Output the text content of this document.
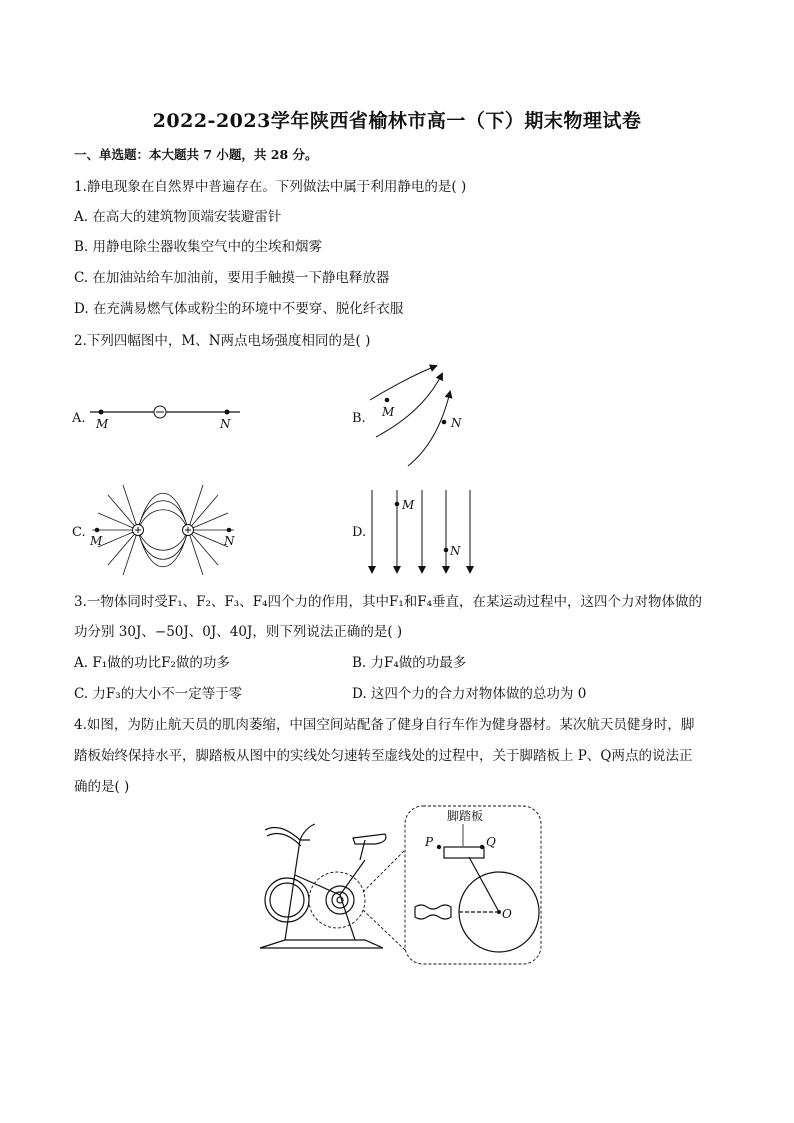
2022-2023学年陕西省榆林市高一（下）期末物理试卷
一、单选题：本大题共 7 小题，共 28 分。
1.静电现象在自然界中普遍存在。下列做法中属于利用静电的是( )
A. 在高大的建筑物顶端安装避雷针
B. 用静电除尘器收集空气中的尘埃和烟雾
C. 在加油站给车加油前，要用手触摸一下静电释放器
D. 在充满易燃气体或粉尘的环境中不要穿、脱化纤衣服
2.下列四幅图中，M、N两点电场强度相同的是( )
A. M	N	B. M
N
C.
M	N
D.
M
N
3.一物体同时受F₁、F₂、F₃、F₄四个力的作用，其中F₁和F₄垂直，在某运动过程中，这四个力对物体做的
功分别 30J、−50J、0J、40J，则下列说法正确的是( )
A. F₁做的功比F₂做的功多	B. 力F₄做的功最多
C. 力F₃的大小不一定等于零	D. 这四个力的合力对物体做的总功为 0
4.如图，为防止航天员的肌肉萎缩，中国空间站配备了健身自行车作为健身器材。某次航天员健身时，脚
踏板始终保持水平，脚踏板从图中的实线处匀速转至虚线处的过程中，关于脚踏板上 P、Q两点的说法正
确的是( )
脚踏板
P	Q
O
